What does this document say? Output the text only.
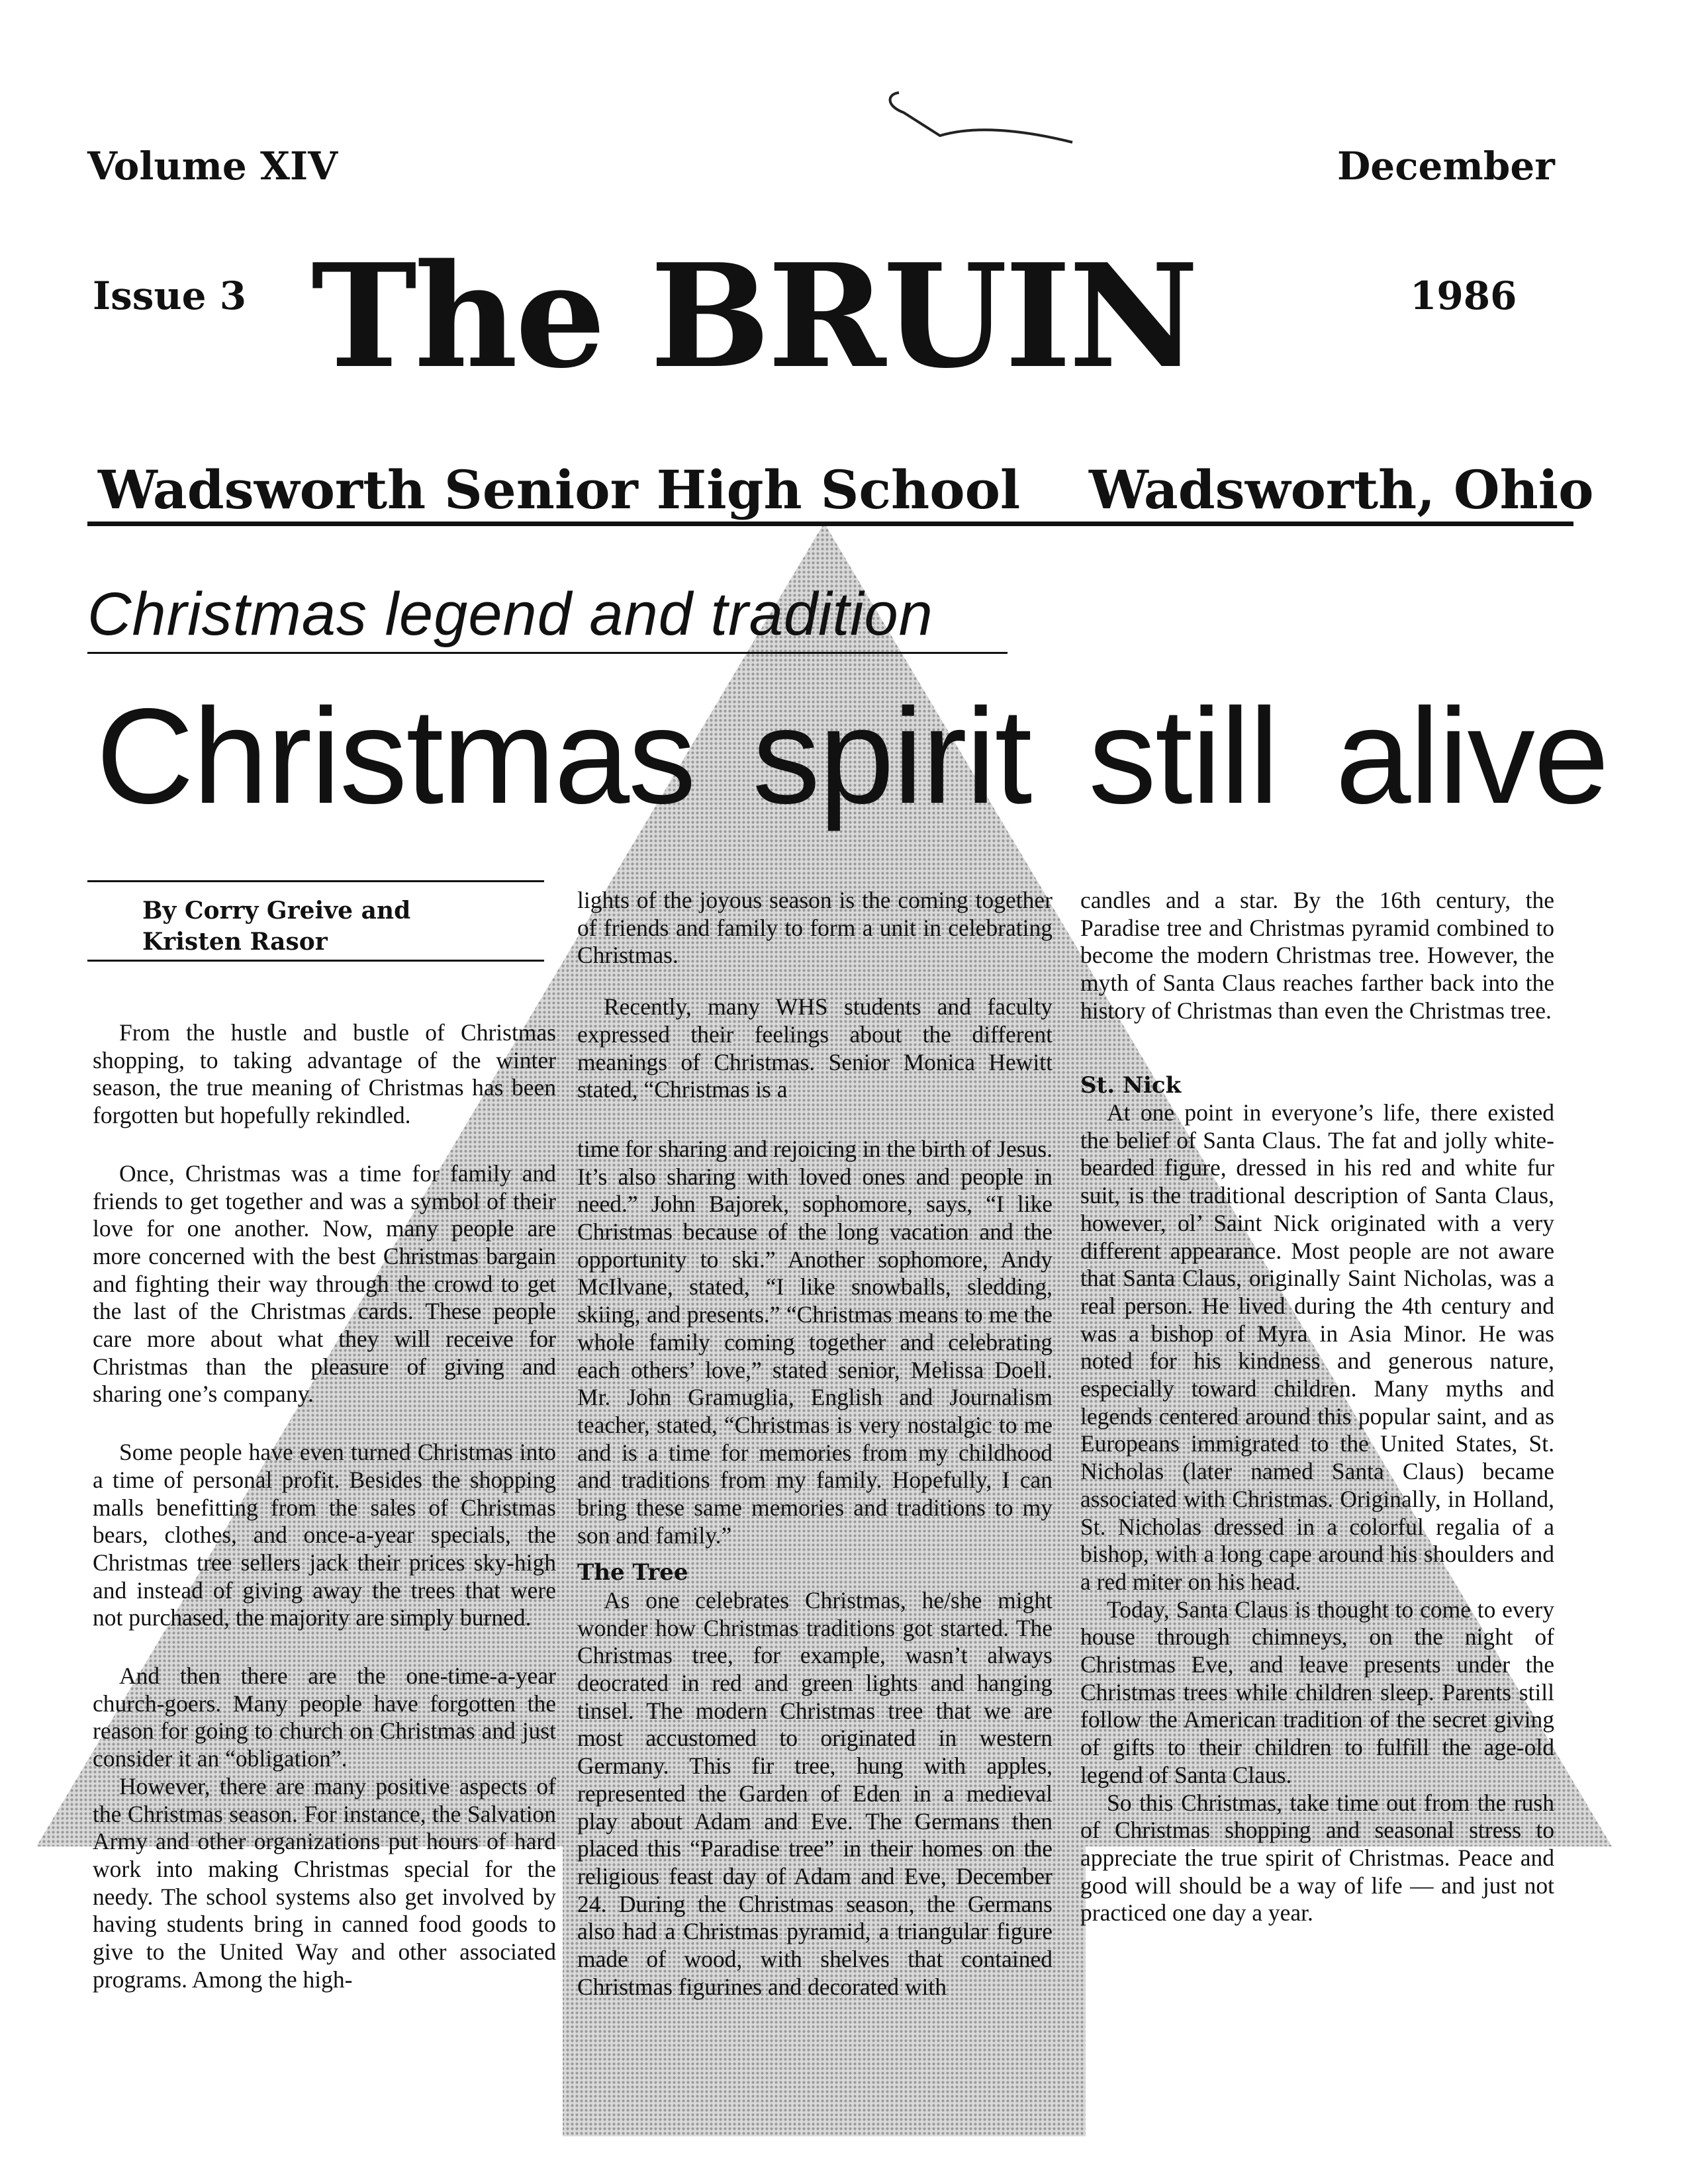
Volume XIV	December
Issue 3 The BRUIN	1986
Wadsworth Senior High School Wadsworth, Ohio
Christmas legend and tradition
Christmas spirit still alive
By Corry Greive and
Kristen Rasor

From the hustle and bustle of Christmas shopping, to taking advantage of the winter season, the true meaning of Christmas has been forgotten but hopefully rekindled.

Once, Christmas was a time for family and friends to get together and was a symbol of their love for one another. Now, many people are more concerned with the best Christmas bargain and fighting their way through the crowd to get the last of the Christmas cards. These people care more about what they will receive for Christmas than the pleasure of giving and sharing one’s company.

Some people have even turned Christmas into a time of personal profit. Besides the shopping malls benefitting from the sales of Christmas bears, clothes, and once-a-year specials, the Christmas tree sellers jack their prices sky-high and instead of giving away the trees that were not purchased, the majority are simply burned.

And then there are the one-time-a-year church-goers. Many people have forgotten the reason for going to church on Christmas and just consider it an “obligation”.

However, there are many positive aspects of the Christmas season. For instance, the Salvation Army and other organizations put hours of hard work into making Christmas special for the needy. The school systems also get involved by having students bring in canned food goods to give to the United Way and other associated programs. Among the high-

lights of the joyous season is the coming together of friends and family to form a unit in celebrating Christmas.

Recently, many WHS students and faculty expressed their feelings about the different meanings of Christmas. Senior Monica Hewitt stated, “Christmas is a

time for sharing and rejoicing in the birth of Jesus. It’s also sharing with loved ones and people in need.” John Bajorek, sophomore, says, “I like Christmas because of the long vacation and the opportunity to ski.” Another sophomore, Andy McIlvane, stated, “I like snowballs, sledding, skiing, and presents.” “Christmas means to me the whole family coming together and celebrating each others’ love,” stated senior, Melissa Doell. Mr. John Gramuglia, English and Journalism teacher, stated, “Christmas is very nostalgic to me and is a time for memories from my childhood and traditions from my family. Hopefully, I can bring these same memories and traditions to my son and family.”

The Tree

As one celebrates Christmas, he/she might wonder how Christmas traditions got started. The Christmas tree, for example, wasn’t always deocrated in red and green lights and hanging tinsel. The modern Christmas tree that we are most accustomed to originated in western Germany. This fir tree, hung with apples, represented the Garden of Eden in a medieval play about Adam and Eve. The Germans then placed this “Paradise tree” in their homes on the religious feast day of Adam and Eve, December 24. During the Christmas season, the Germans also had a Christmas pyramid, a triangular figure made of wood, with shelves that contained Christmas figurines and decorated with

candles and a star. By the 16th century, the Paradise tree and Christmas pyramid combined to become the modern Christmas tree. However, the myth of Santa Claus reaches farther back into the history of Christmas than even the Christmas tree.

St. Nick

At one point in everyone’s life, there existed the belief of Santa Claus. The fat and jolly white-bearded figure, dressed in his red and white fur suit, is the traditional description of Santa Claus, however, ol’ Saint Nick originated with a very different appearance. Most people are not aware that Santa Claus, originally Saint Nicholas, was a real person. He lived during the 4th century and was a bishop of Myra in Asia Minor. He was noted for his kindness and generous nature, especially toward children. Many myths and legends centered around this popular saint, and as Europeans immigrated to the United States, St. Nicholas (later named Santa Claus) became associated with Christmas. Originally, in Holland, St. Nicholas dressed in a colorful regalia of a bishop, with a long cape around his shoulders and a red miter on his head.

Today, Santa Claus is thought to come to every house through chimneys, on the night of Christmas Eve, and leave presents under the Christmas trees while children sleep. Parents still follow the American tradition of the secret giving of gifts to their children to fulfill the age-old legend of Santa Claus.

So this Christmas, take time out from the rush of Christmas shopping and seasonal stress to appreciate the true spirit of Christmas. Peace and good will should be a way of life — and just not practiced one day a year.
